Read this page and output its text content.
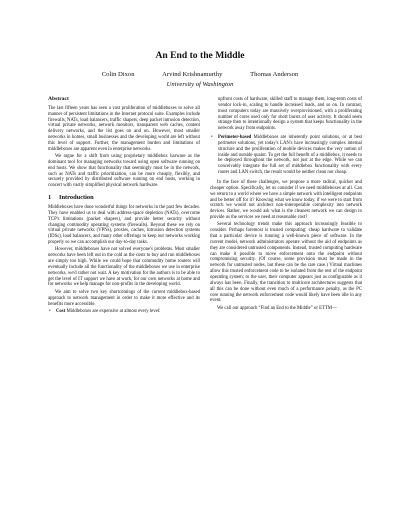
An End to the Middle
Colin Dixon	Arvind Krishnamurthy	Thomas Anderson
University of Washington
Abstract

The last fifteen years has seen a vast proliferation of middleboxes to solve all manner of persistent limitations in the Internet protocol suite. Examples include firewalls, NATs, load balancers, traffic shapers, deep packet intrusion detection, virtual private networks, network monitors, transparent web caches, content delivery networks, and the list goes on and on. However, most smaller networks in homes, small businesses and the developing world are left without this level of support. Further, the management burden and limitations of middleboxes are apparent even in enterprise networks.

We argue for a shift from using proprietary middlebox harware as the dominant tool for managing networks toward using open software running on end hosts. We show that functionality that seemingly must be in the network, such as NATs and traffic prioritization, can be more cheaply, flexibly, and securely provided by distributed software running on end hosts, working in concert with vastly simplified physical network hardware.

1 Introduction

Middleboxes have done wonderful things for networks in the past few decades. They have enabled us to deal with address-space depletion (NATs), overcome TCP's limitations (packet shapers), and provide better security without changing commodity operating systems (firewalls). Beyond these we rely on virtual private networks (VPNs), proxies, caches, intrusion detection systems (IDSs), load balancers, and many other offerings to keep our networks working properly so we can accomplish our day-to-day tasks.

However, middleboxes have not solved everyone's problems. Most smaller networks have been left out in the cold as the costs to buy and run middleboxes are simply too high. While we could hope that commodity home routers will eventually include all the functionality of the middleboxes we use in enterprise networks, we'd rather not wait. A key motivation for the authors is to be able to get the level of IT support we have at work, for our own networks at home and for networks we help manage for non-profits in the developing world.

We aim to solve two key shortcomings of the current middlebox-based approach to network management in order to make it more effective and its benefits more accessible.

• Cost Middleboxes are expensive at almost every level:
upfront costs of hardware, skilled staff to manage them, long-term costs of vendor lock-in, scaling to handle increased loads, and so on. In contrast, most computers today are massively overprovisioned, with a proliferating number of cores used only for short bursts of user activity. It should seem strange then to intentionally design a system that keeps functionality in the network away from endpoints.
• Perimeter-based Middleboxes are inherently point solutions, or at best perimeter solutions, yet today's LAN's have increasingly complex internal structure and the proliferation of mobile devices makes the very notion of inside and outside quaint. To get the full benefit of a middlebox, it needs to be deployed throughout the network, not just at the edge. While we can conceivably integrate the full set of middlebox functionality with every router and LAN switch, the result would be neither clean nor cheap.

In the face of these challenges, we propose a more radical, quicker and cheaper option. Specifically, let us consider if we need middleboxes at all. Can we return to a world where we have a simple network with intelligent endpoints and be better off for it? Knowing what we know today, if we were to start from scratch we would not architect non-interoperable complexity into network devices. Rather, we would ask what is the cleanest network we can design to provide us the services we need at reasonable cost?

Several technology trends make this approach increasingly feasible to consider. Perhaps foremost is trusted computing: cheap hardware to validate that a particular device is running a well-known piece of software. In the current model, network administrators operate without the aid of endpoints as they are considered untrusted components. Instead, trusted computing hardware can make it possible to move enforcement onto the endpoint without compromising security. (Of course, some provision must be made in the network for untrusted nodes, but these can be the rare case.) Virtual machines allow this trusted enforcement code to be isolated from the rest of the endpoint operating system; to the user, their computer appears just as configurable as it always has been. Finally, the transition to multicore architectures suggests that all this can be done without even much of a performance penalty, as the PC core running the network enforcement code would likely have been idle in any event.

We call our approach “Find an End to the Middle” or ETTM—
